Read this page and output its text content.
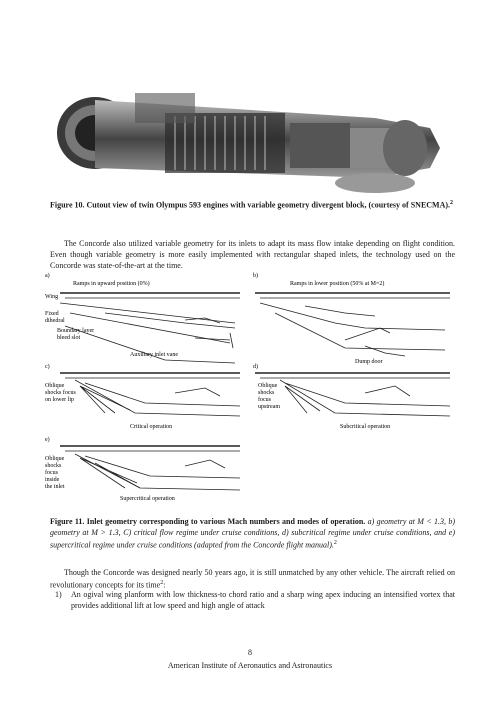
Figure 10. Cutout view of twin Olympus 593 engines with variable geometry divergent block, (courtesy of SNECMA).$^2$
The Concorde also utilized variable geometry for its inlets to adapt its mass flow intake depending on flight condition. Even though variable geometry is more easily implemented with rectangular shaped inlets, the technology used on the Concorde was state-of-the-art at the time.
a)
Ramps in upward position (0%)
Wing
Fixed
dihedral
Boundary layer
bleed slot
Auxiliary inlet vane
b)
Ramps in lower position (50% at M=2)
Dump door
c)
Oblique
shocks focus
on lower lip
Critical operation
d)
Oblique
shocks
focus
upstream
Subcritical operation
e)
Oblique
shocks
focus
inside
the inlet
Supercritical operation
Figure 11. Inlet geometry corresponding to various Mach numbers and modes of operation. a) geometry at M < 1.3, b) geometry at M > 1.3, C) critical flow regime under cruise conditions, d) subcritical regime under cruise conditions, and e) supercritical regime under cruise conditions (adapted from the Concorde flight manual).$^2$
Though the Concorde was designed nearly 50 years ago, it is still unmatched by any other vehicle. The aircraft relied on revolutionary concepts for its time$^2$:
1) An ogival wing planform with low thickness-to chord ratio and a sharp wing apex inducing an intensified vortex that provides additional lift at low speed and high angle of attack
8
American Institute of Aeronautics and Astronautics
